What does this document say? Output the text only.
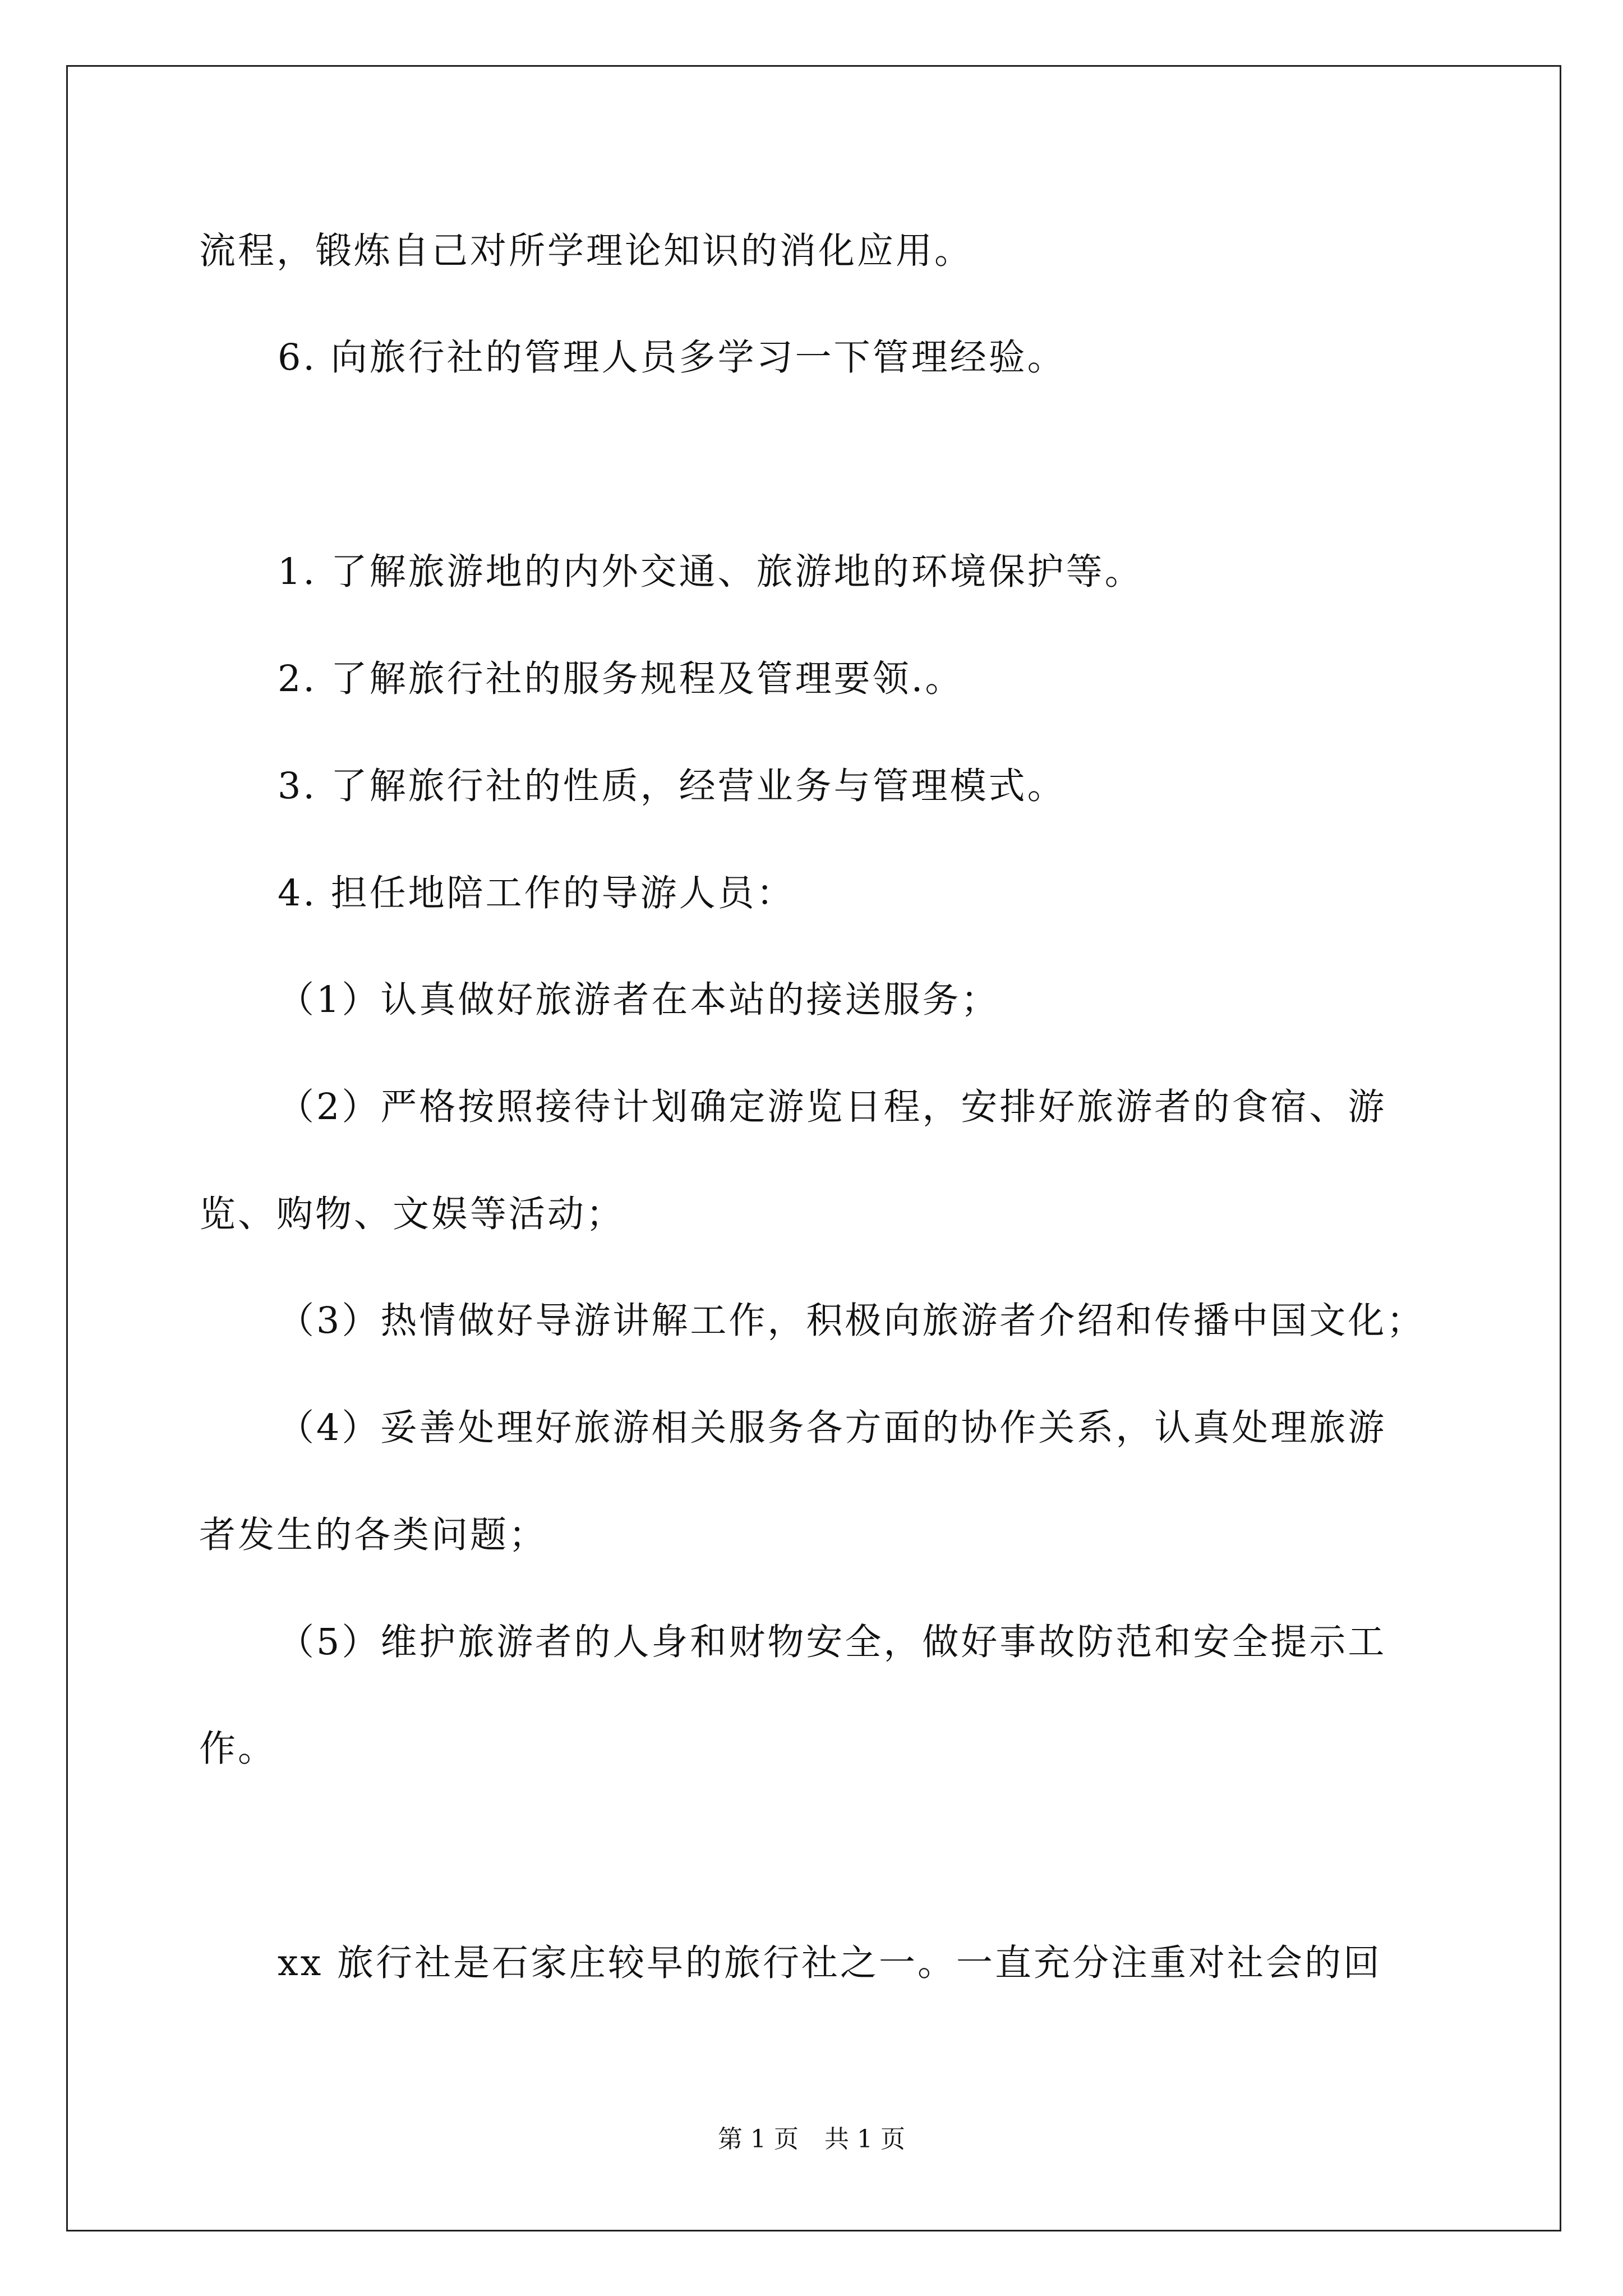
流程，锻炼自己对所学理论知识的消化应用。
6. 向旅行社的管理人员多学习一下管理经验。
1. 了解旅游地的内外交通、旅游地的环境保护等。
2. 了解旅行社的服务规程及管理要领.。
3. 了解旅行社的性质，经营业务与管理模式。
4. 担任地陪工作的导游人员：
（1）认真做好旅游者在本站的接送服务；
（2）严格按照接待计划确定游览日程，安排好旅游者的食宿、游
览、购物、文娱等活动；
（3）热情做好导游讲解工作，积极向旅游者介绍和传播中国文化；
（4）妥善处理好旅游相关服务各方面的协作关系，认真处理旅游
者发生的各类问题；
（5）维护旅游者的人身和财物安全，做好事故防范和安全提示工
作。
xx 旅行社是石家庄较早的旅行社之一。一直充分注重对社会的回
第 1 页 共 1 页
